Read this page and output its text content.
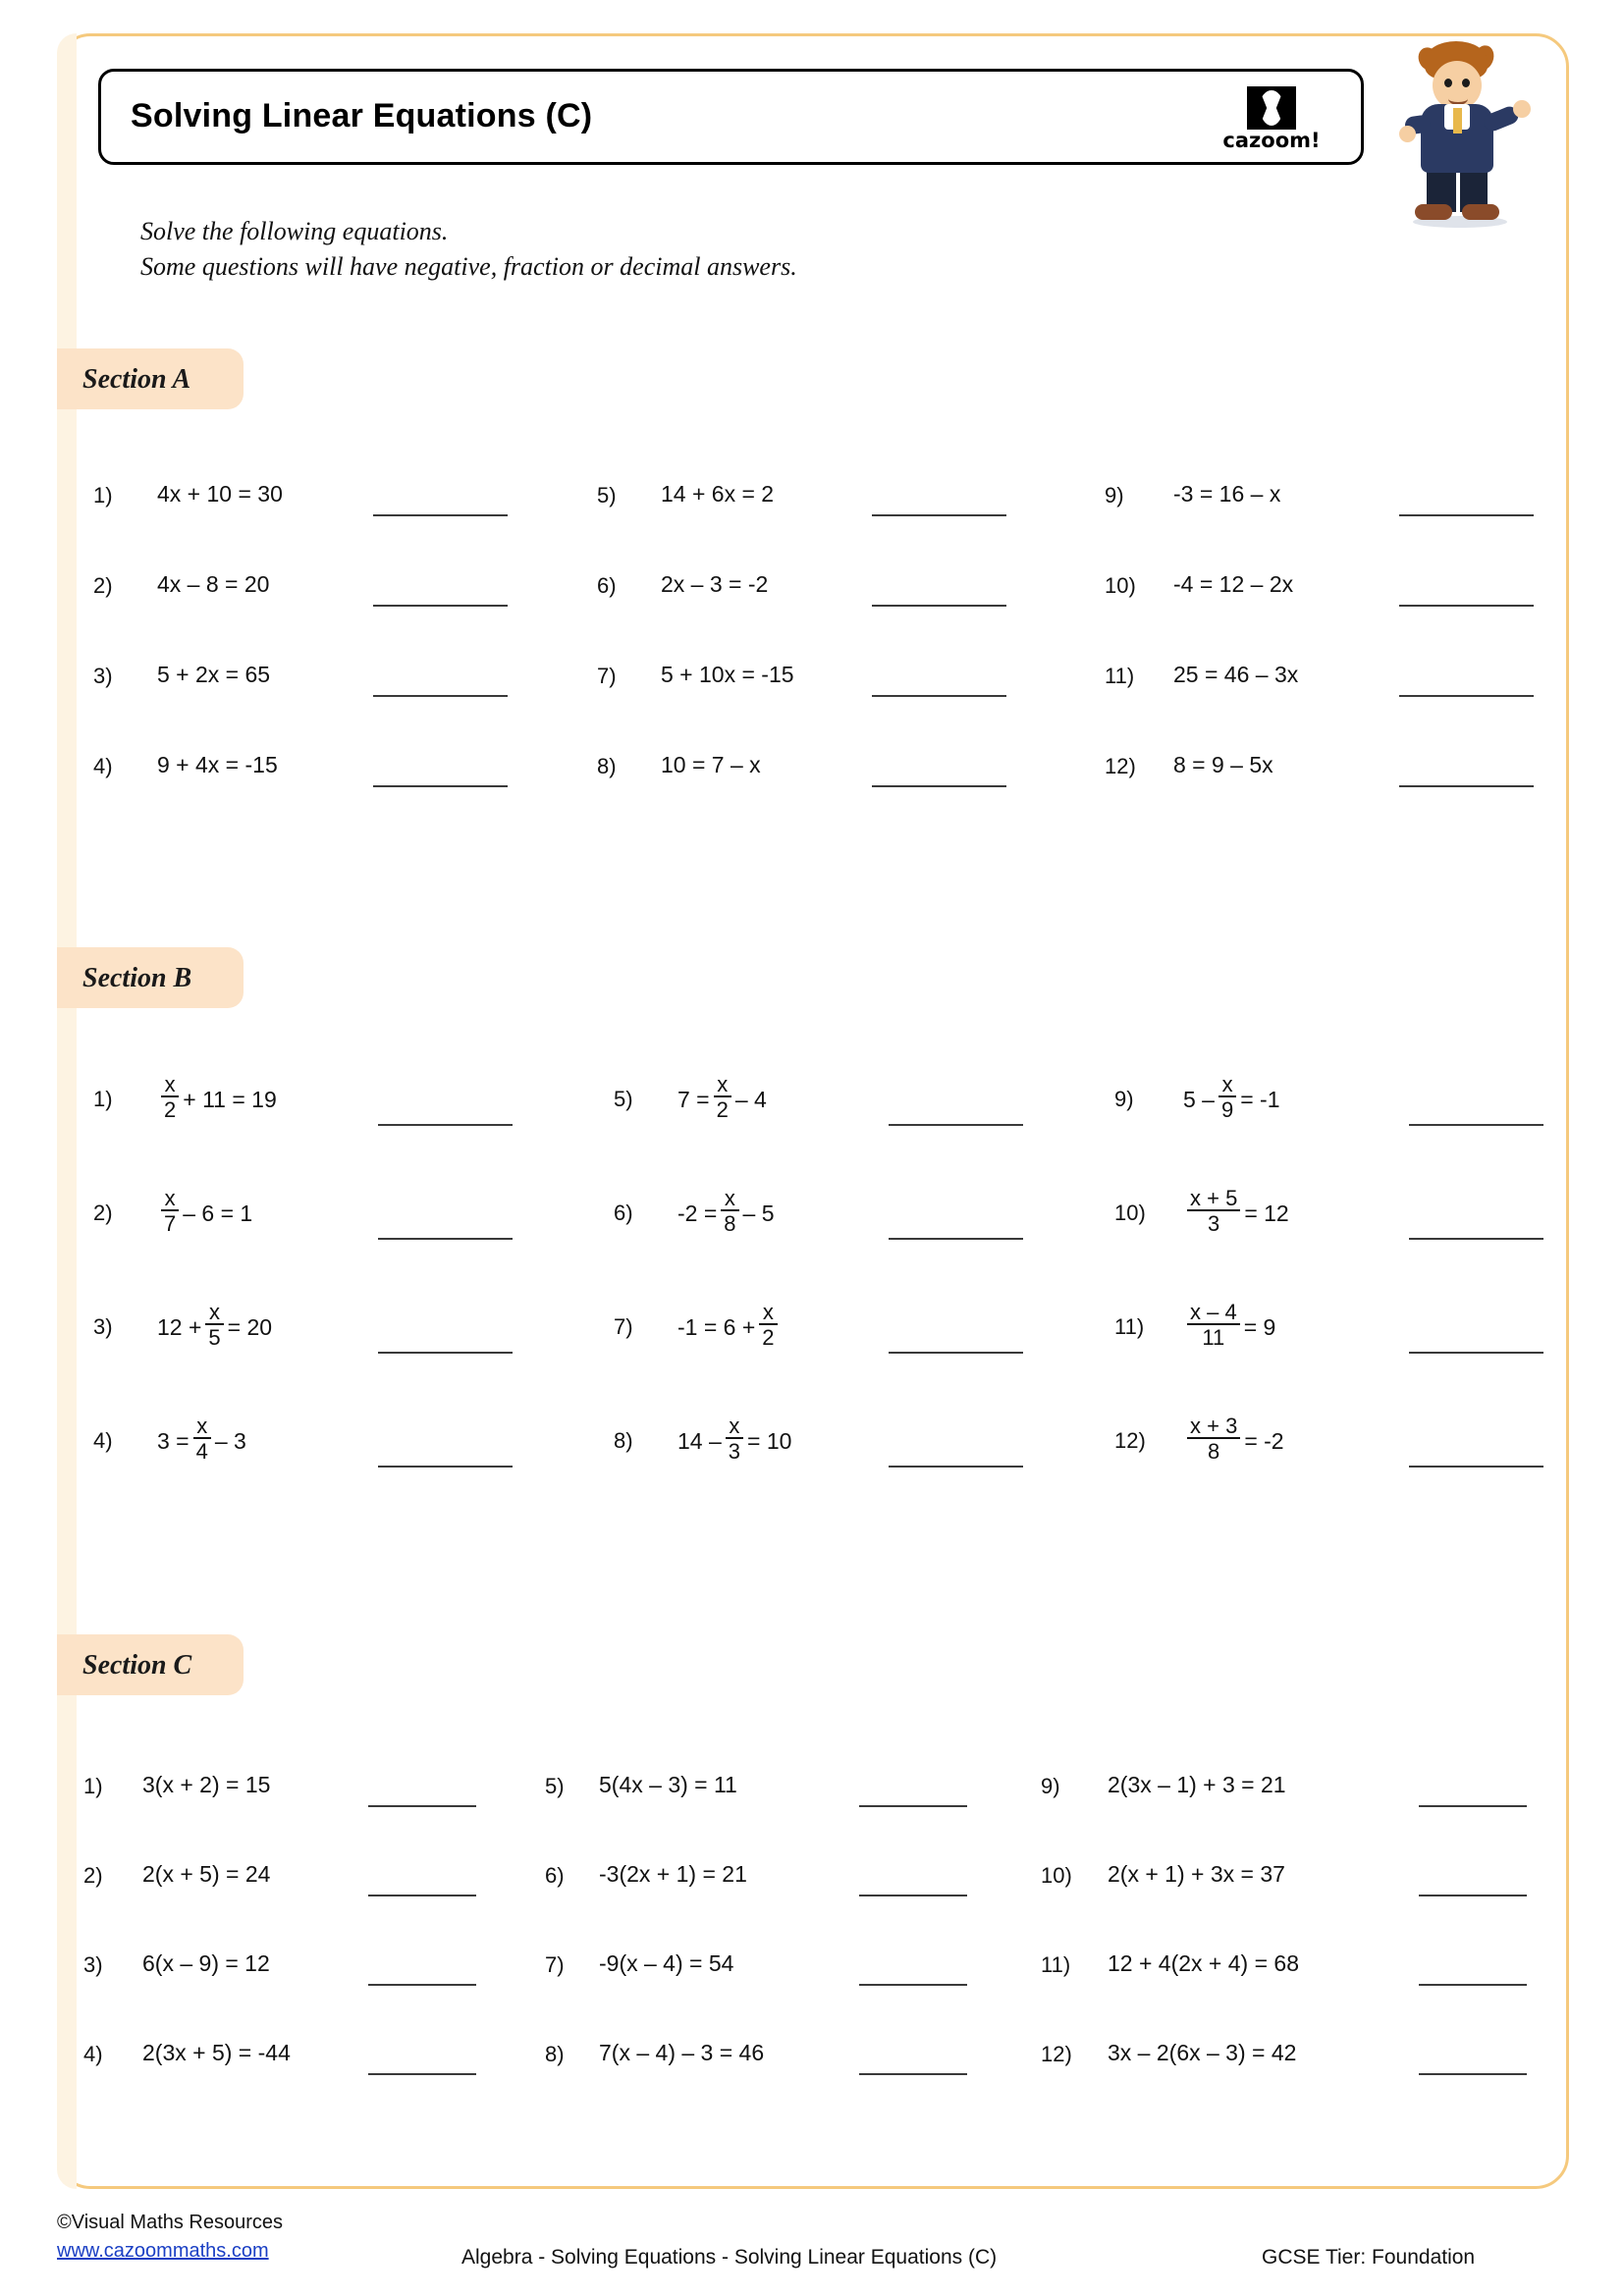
Solving Linear Equations (C)
cazoom!
Solve the following equations.
Some questions will have negative, fraction or decimal answers.
Section A
1)	4x + 10 = 30
2)	4x – 8 = 20
3)	5 + 2x = 65
4)	9 + 4x = -15
5)	14 + 6x = 2
6)	2x – 3 = -2
7)	5 + 10x = -15
8)	10 = 7 – x
9)	-3 = 16 – x
10)	-4 = 12 – 2x
11)	25 = 46 – 3x
12)	8 = 9 – 5x
Section B
1)	$\frac{x}{2} + 11 = 19$
2)	$\frac{x}{7} - 6 = 1$
3)	$12 + \frac{x}{5} = 20$
4)	$3 = \frac{x}{4} - 3$
5)	$7 = \frac{x}{2} - 4$
6)	$-2 = \frac{x}{8} - 5$
7)	$-1 = 6 + \frac{x}{2}$
8)	$14 - \frac{x}{3} = 10$
9)	$5 - \frac{x}{9} = -1$
10)	$\frac{x + 5}{3} = 12$
11)	$\frac{x - 4}{11} = 9$
12)	$\frac{x + 3}{8} = -2$
Section C
1)	3(x + 2) = 15
2)	2(x + 5) = 24
3)	6(x – 9) = 12
4)	2(3x + 5) = -44
5)	5(4x – 3) = 11
6)	-3(2x + 1) = 21
7)	-9(x – 4) = 54
8)	7(x – 4) – 3 = 46
9)	2(3x – 1) + 3 = 21
10)	2(x + 1) + 3x = 37
11)	12 + 4(2x + 4) = 68
12)	3x – 2(6x – 3) = 42
©Visual Maths Resources
www.cazoommaths.com	Algebra - Solving Equations - Solving Linear Equations (C)	GCSE Tier: Foundation
